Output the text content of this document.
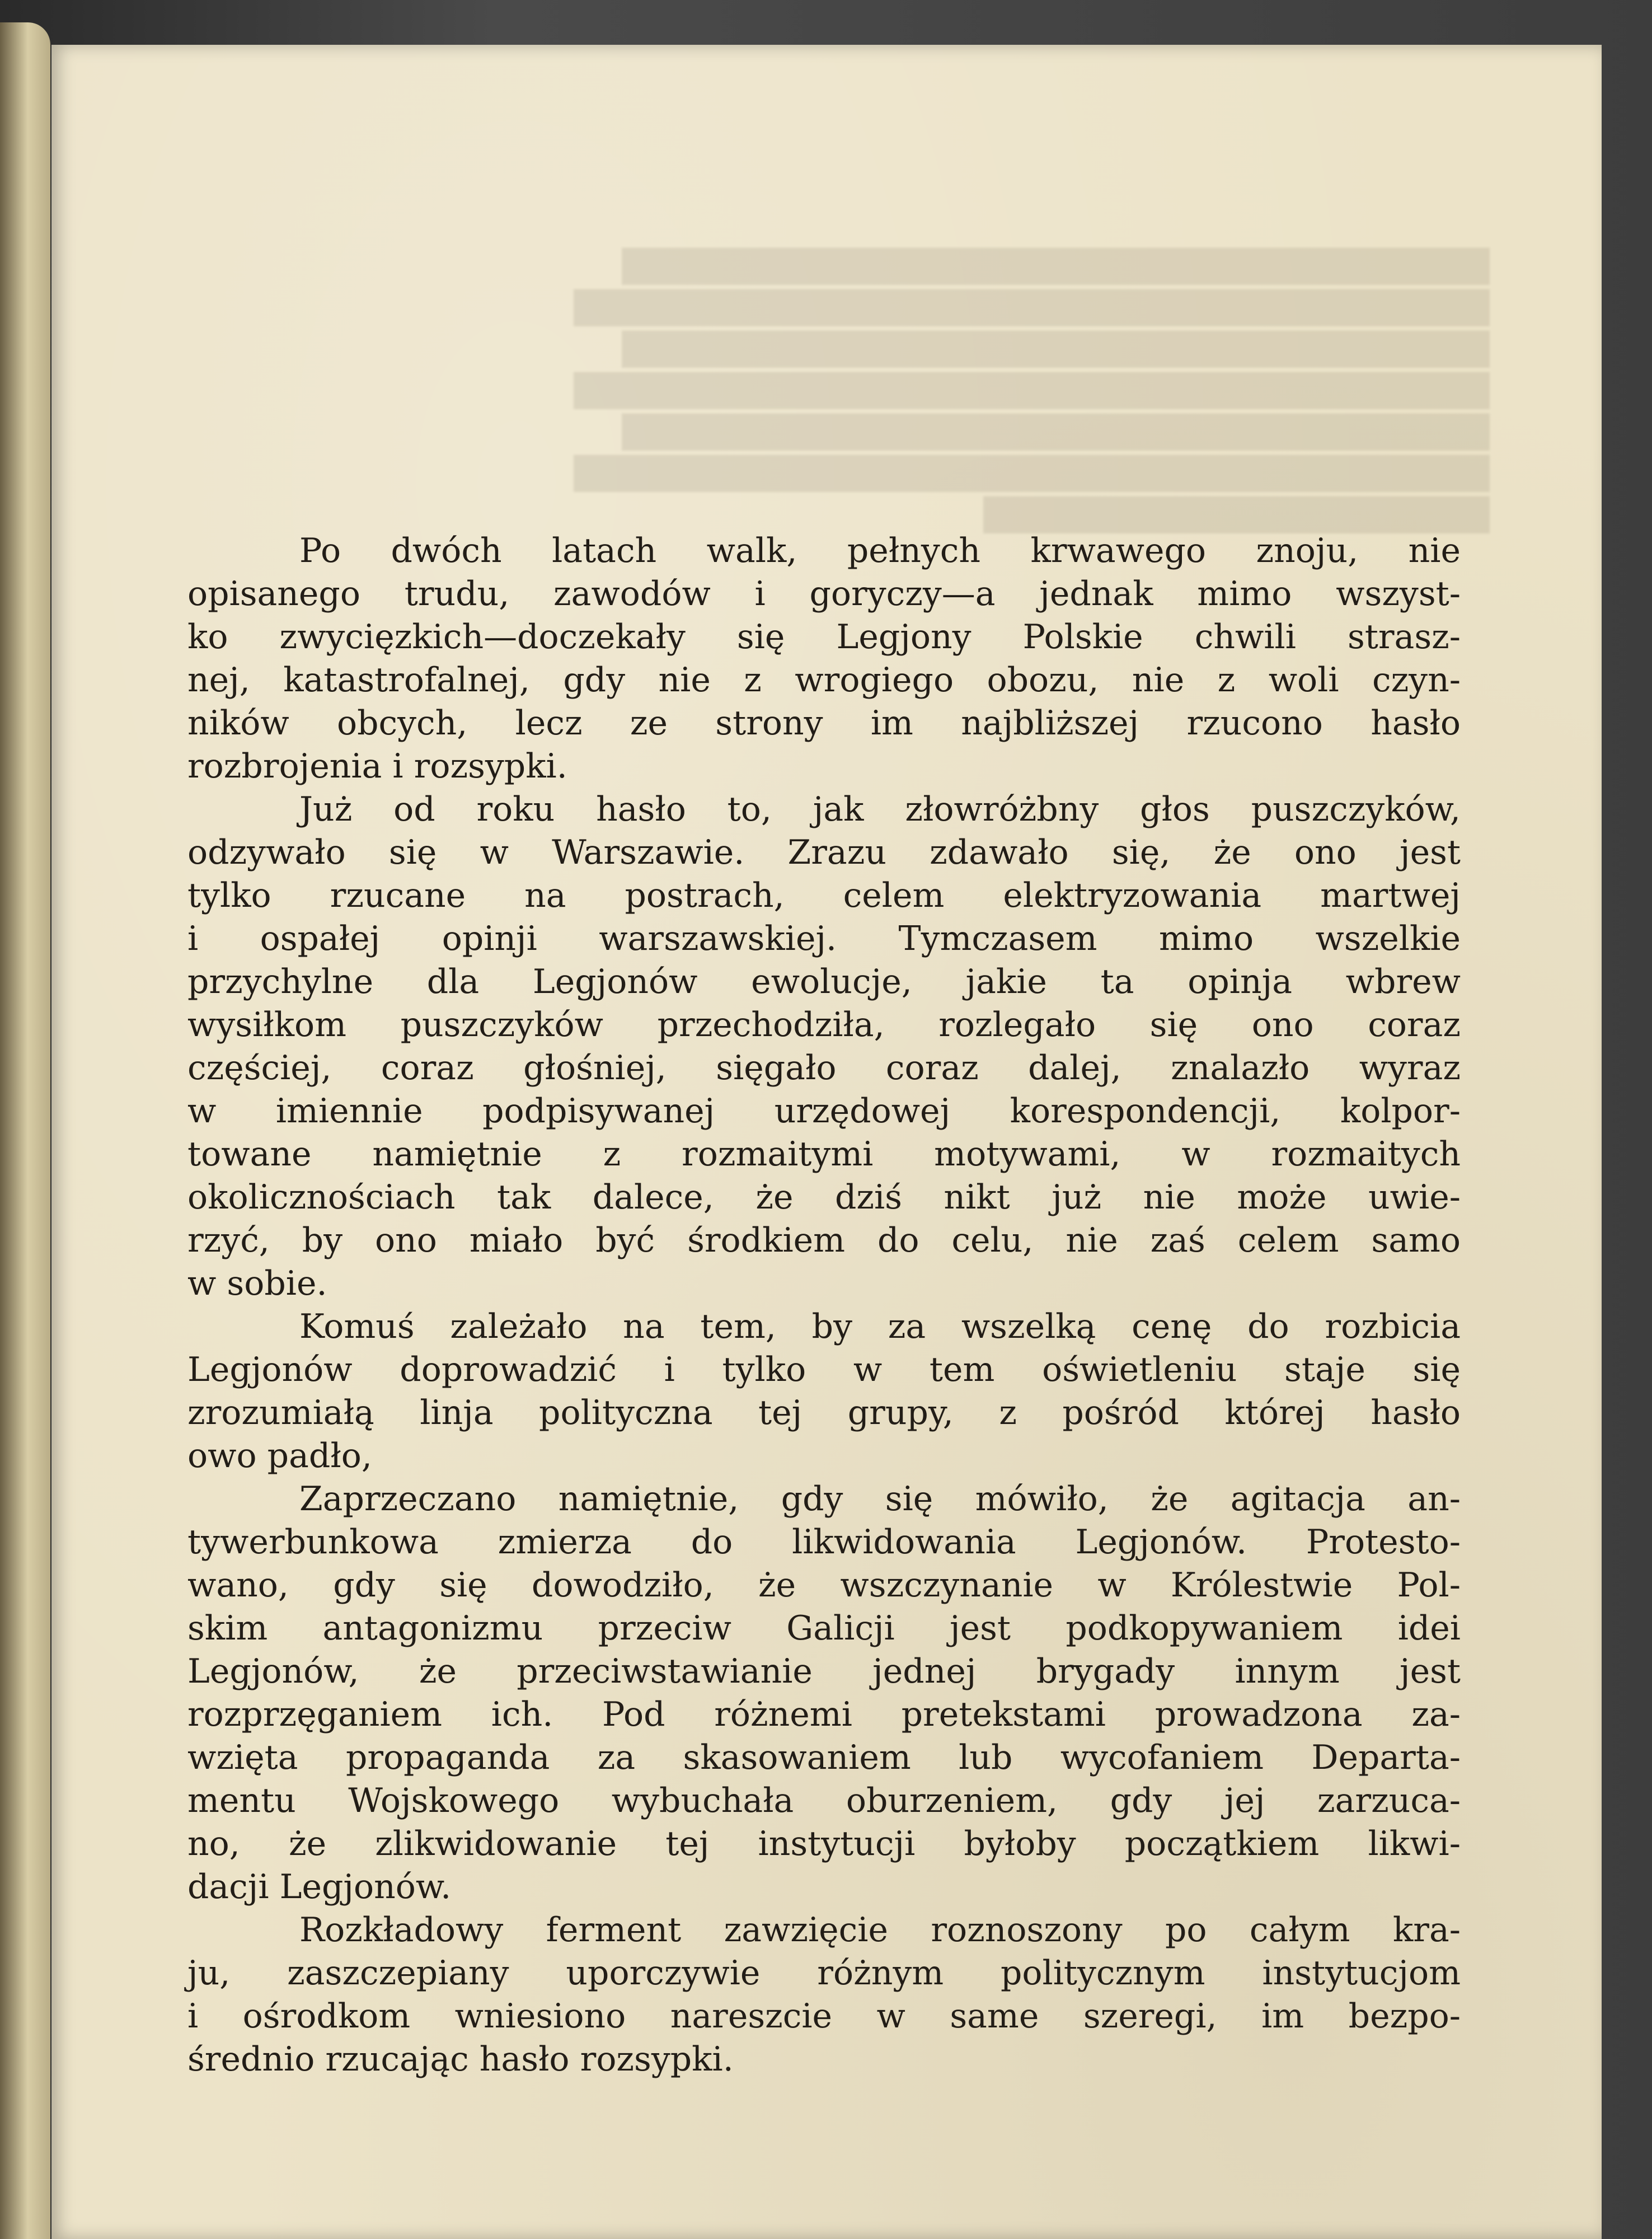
████████████████████████████████████
██████████████████████████████████████
████████████████████████████████████
██████████████████████████████████████
████████████████████████████████████
██████████████████████████████████████
█████████████████████
Po dwóch latach walk, pełnych krwawego znoju, nie
opisanego trudu, zawodów i goryczy—a jednak mimo wszyst-
ko zwycięzkich—doczekały się Legjony Polskie chwili strasz-
nej, katastrofalnej, gdy nie z wrogiego obozu, nie z woli czyn-
ników obcych, lecz ze strony im najbliższej rzucono hasło
rozbrojenia i rozsypki.
Już od roku hasło to, jak złowróżbny głos puszczyków,
odzywało się w Warszawie. Zrazu zdawało się, że ono jest
tylko rzucane na postrach, celem elektryzowania martwej
i ospałej opinji warszawskiej. Tymczasem mimo wszelkie
przychylne dla Legjonów ewolucje, jakie ta opinja wbrew
wysiłkom puszczyków przechodziła, rozlegało się ono coraz
częściej, coraz głośniej, sięgało coraz dalej, znalazło wyraz
w imiennie podpisywanej urzędowej korespondencji, kolpor-
towane namiętnie z rozmaitymi motywami, w rozmaitych
okolicznościach tak dalece, że dziś nikt już nie może uwie-
rzyć, by ono miało być środkiem do celu, nie zaś celem samo
w sobie.
Komuś zależało na tem, by za wszelką cenę do rozbicia
Legjonów doprowadzić i tylko w tem oświetleniu staje się
zrozumiałą linja polityczna tej grupy, z pośród której hasło
owo padło,
Zaprzeczano namiętnie, gdy się mówiło, że agitacja an-
tywerbunkowa zmierza do likwidowania Legjonów. Protesto-
wano, gdy się dowodziło, że wszczynanie w Królestwie Pol-
skim antagonizmu przeciw Galicji jest podkopywaniem idei
Legjonów, że przeciwstawianie jednej brygady innym jest
rozprzęganiem ich. Pod różnemi pretekstami prowadzona za-
wzięta propaganda za skasowaniem lub wycofaniem Departa-
mentu Wojskowego wybuchała oburzeniem, gdy jej zarzuca-
no, że zlikwidowanie tej instytucji byłoby początkiem likwi-
dacji Legjonów.
Rozkładowy ferment zawzięcie roznoszony po całym kra-
ju, zaszczepiany uporczywie różnym politycznym instytucjom
i ośrodkom wniesiono nareszcie w same szeregi, im bezpo-
średnio rzucając hasło rozsypki.
